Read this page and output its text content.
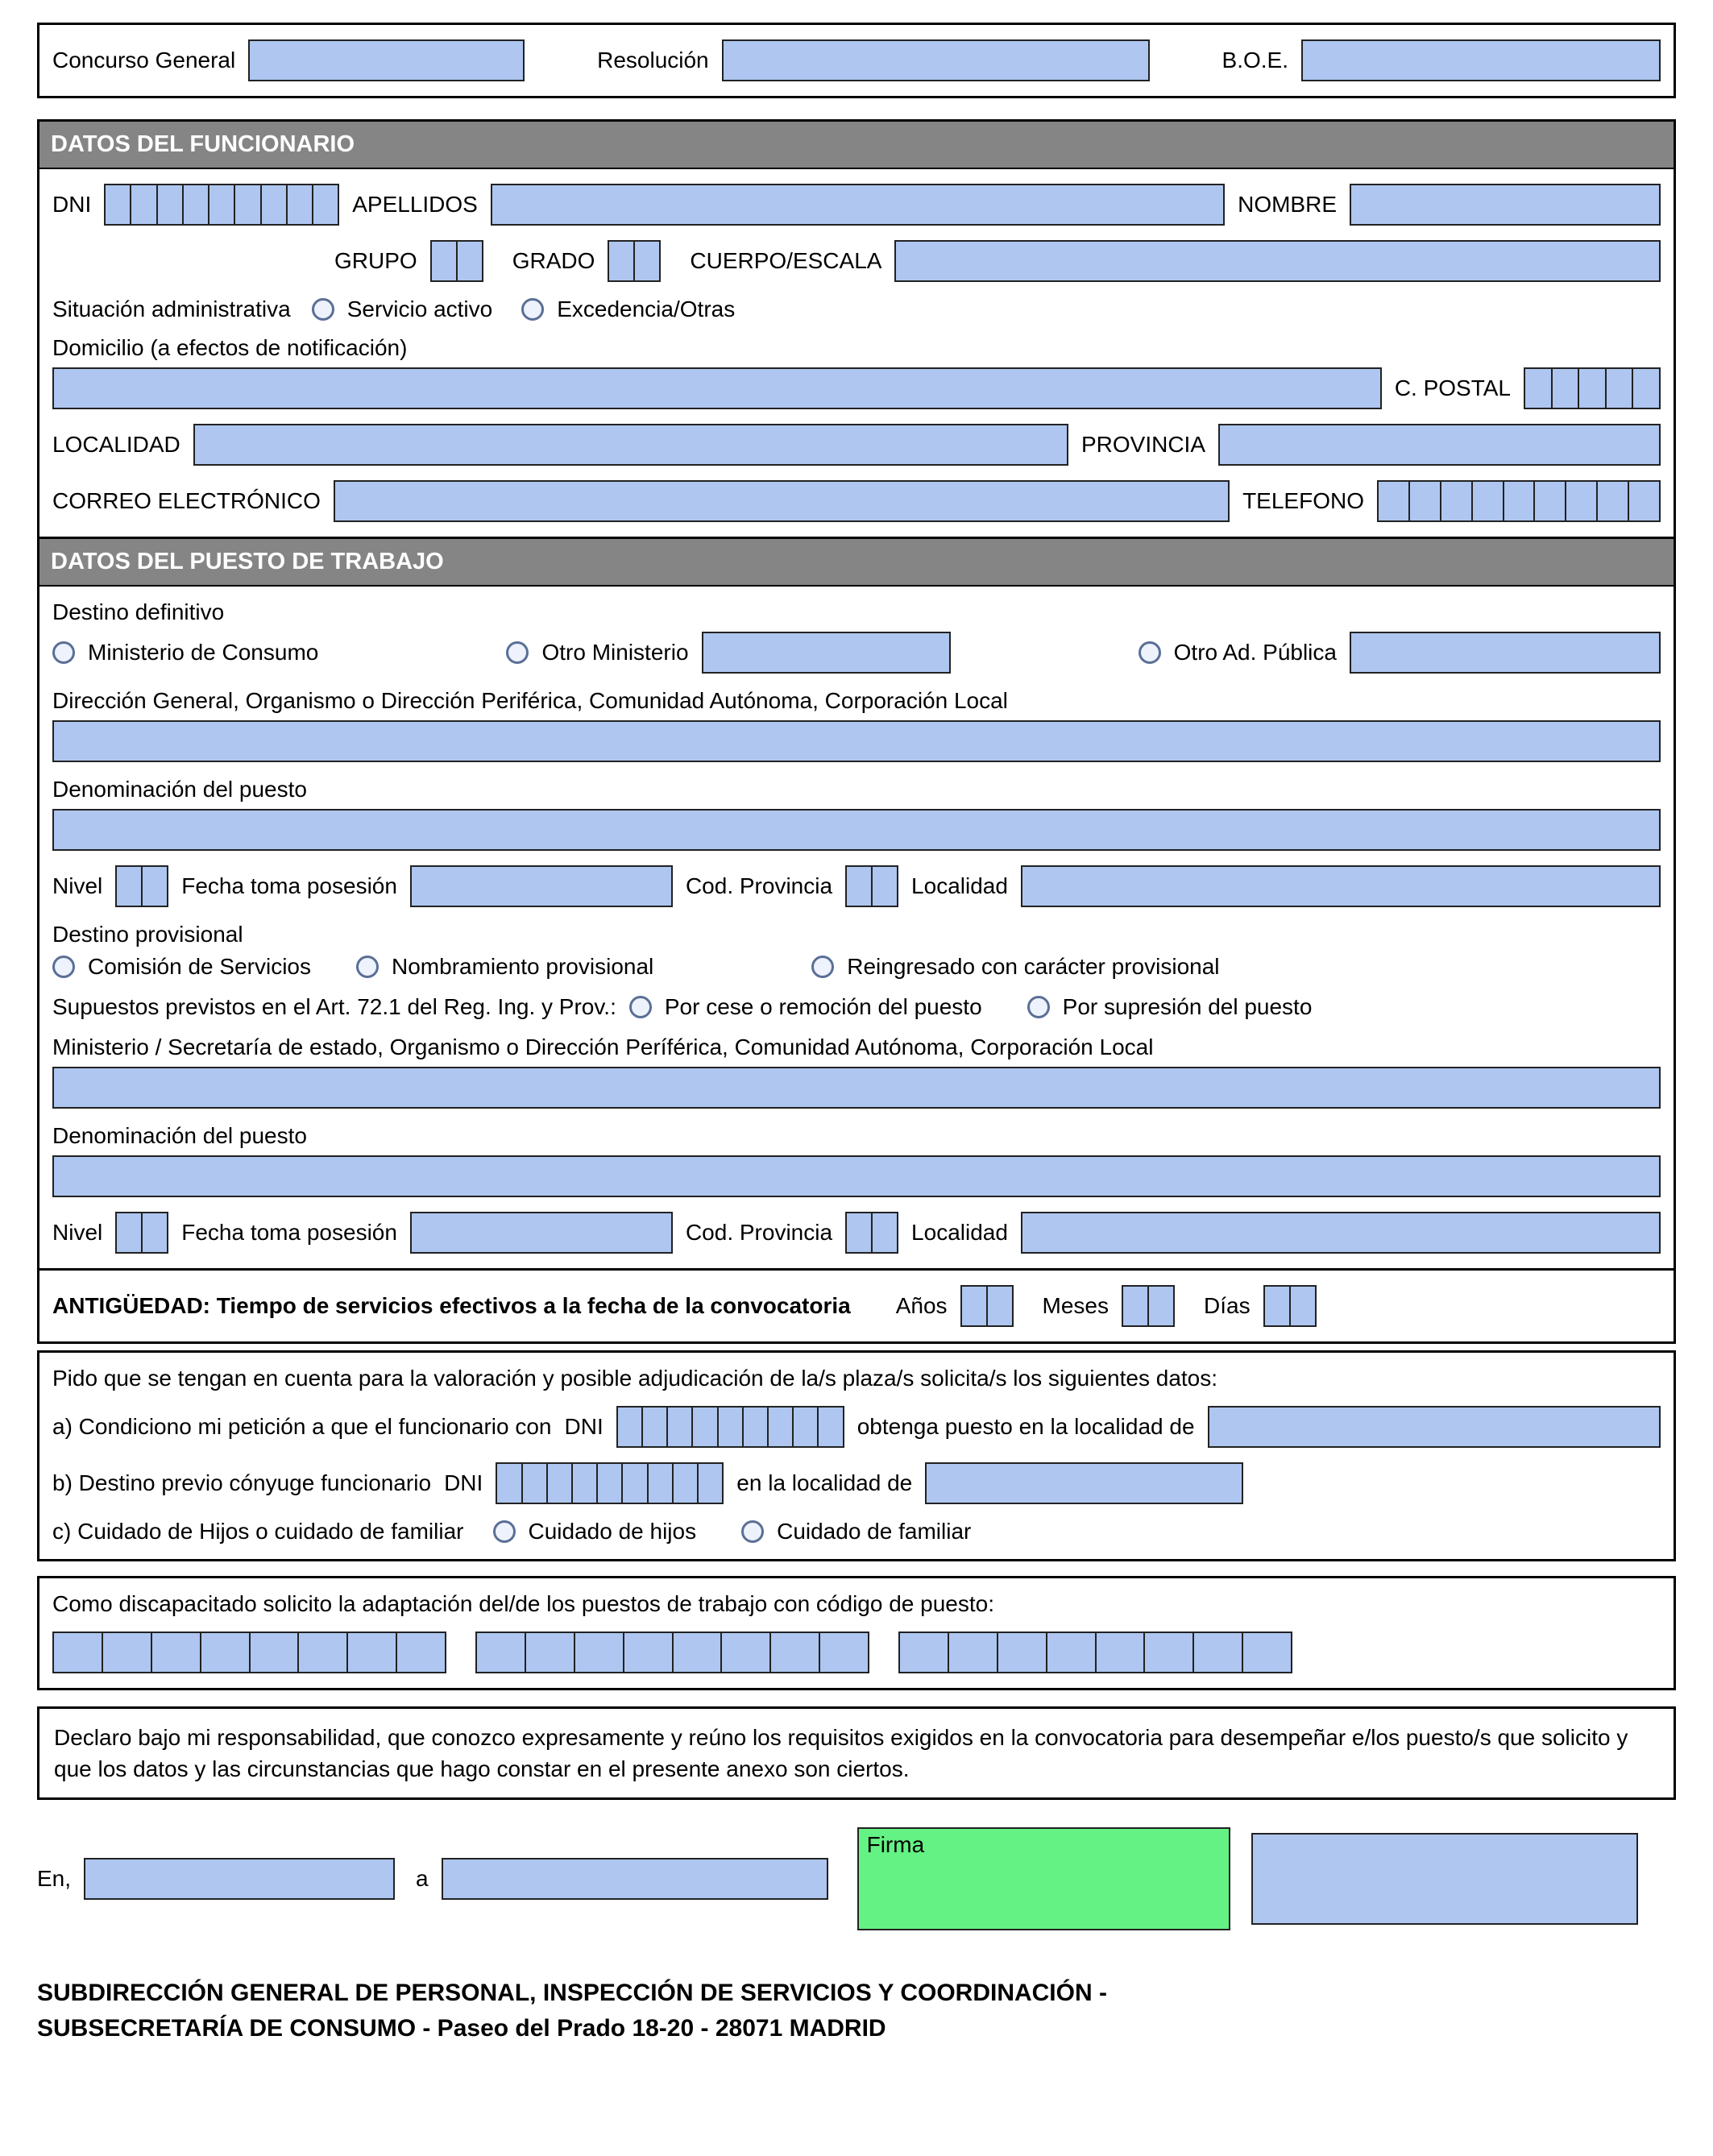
Concurso General	Resolución	B.O.E.
DATOS DEL FUNCIONARIO
DNI	APELLIDOS	NOMBRE
GRUPO	GRADO	CUERPO/ESCALA
Situación administrativa	Servicio activo	Excedencia/Otras
Domicilio (a efectos de notificación)
C. POSTAL
LOCALIDAD	PROVINCIA
CORREO ELECTRÓNICO	TELEFONO
DATOS DEL PUESTO DE TRABAJO
Destino definitivo
Ministerio de Consumo	Otro Ministerio	Otro Ad. Pública
Dirección General, Organismo o Dirección Periférica, Comunidad Autónoma, Corporación Local
Denominación del puesto
Nivel	Fecha toma posesión	Cod. Provincia	Localidad
Destino provisional
Comisión de Servicios	Nombramiento provisional	Reingresado con carácter provisional
Supuestos previstos en el Art. 72.1 del Reg. Ing. y Prov.: Por cese o remoción del puesto	Por supresión del puesto
Ministerio / Secretaría de estado, Organismo o Dirección Períférica, Comunidad Autónoma, Corporación Local
Denominación del puesto
Nivel	Fecha toma posesión	Cod. Provincia	Localidad
ANTIGÜEDAD: Tiempo de servicios efectivos a la fecha de la convocatoria Años	Meses	Días
Pido que se tengan en cuenta para la valoración y posible adjudicación de la/s plaza/s solicita/s los siguientes datos:
a) Condiciono mi petición a que el funcionario con DNI	obtenga puesto en la localidad de
b) Destino previo cónyuge funcionario DNI	en la localidad de
c) Cuidado de Hijos o cuidado de familiar	Cuidado de hijos	Cuidado de familiar
Como discapacitado solicito la adaptación del/de los puestos de trabajo con código de puesto:
Declaro bajo mi responsabilidad, que conozco expresamente y reúno los requisitos exigidos en la convocatoria para desempeñar e/los puesto/s que solicito y que los datos y las circunstancias que hago constar en el presente anexo son ciertos.
En,	a
Firma
SUBDIRECCIÓN GENERAL DE PERSONAL, INSPECCIÓN DE SERVICIOS Y COORDINACIÓN -
SUBSECRETARÍA DE CONSUMO - Paseo del Prado 18-20 - 28071 MADRID
